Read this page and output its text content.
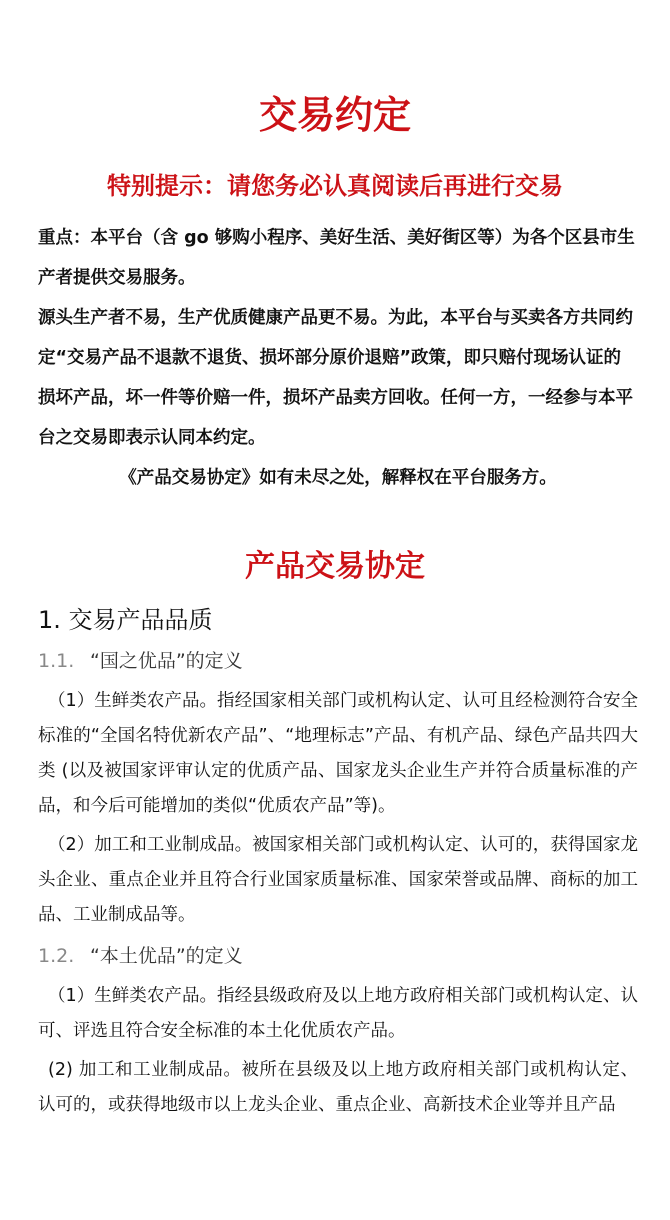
交易约定
特别提示：请您务必认真阅读后再进行交易

重点：本平台（含 go 够购小程序、美好生活、美好街区等）为各个区县市生产者提供交易服务。

源头生产者不易，生产优质健康产品更不易。为此，本平台与买卖各方共同约定“交易产品不退款不退货、损坏部分原价退赔”政策，即只赔付现场认证的损坏产品，坏一件等价赔一件，损坏产品卖方回收。任何一方，一经参与本平台之交易即表示认同本约定。

《产品交易协定》如有未尽之处，解释权在平台服务方。

产品交易协定
1. 交易产品品质

1.1. “国之优品”的定义

（1）生鲜类农产品。指经国家相关部门或机构认定、认可且经检测符合安全标准的“全国名特优新农产品”、“地理标志”产品、有机产品、绿色产品共四大类 (以及被国家评审认定的优质产品、国家龙头企业生产并符合质量标准的产品，和今后可能增加的类似“优质农产品”等)。

（2）加工和工业制成品。被国家相关部门或机构认定、认可的，获得国家龙头企业、重点企业并且符合行业国家质量标准、国家荣誉或品牌、商标的加工品、工业制成品等。

1.2. “本土优品”的定义

（1）生鲜类农产品。指经县级政府及以上地方政府相关部门或机构认定、认可、评选且符合安全标准的本土化优质农产品。

(2) 加工和工业制成品。被所在县级及以上地方政府相关部门或机构认定、认可的，或获得地级市以上龙头企业、重点企业、高新技术企业等并且产品
